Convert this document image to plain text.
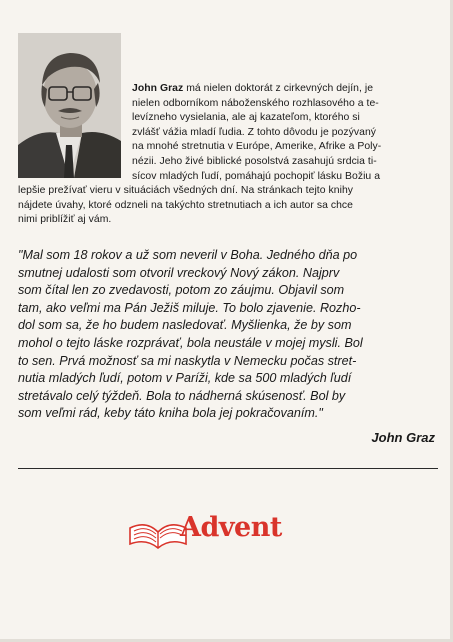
John Graz má nielen doktorát z cirkevných dejín, je
nielen odborníkom náboženského rozhlasového a te-
levízneho vysielania, ale aj kazateľom, ktorého si
zvlášť vážia mladí ľudia. Z tohto dôvodu je pozývaný
na mnohé stretnutia v Európe, Amerike, Afrike a Poly-
nézii. Jeho živé biblické posolstvá zasahujú srdcia ti-
sícov mladých ľudí, pomáhajú pochopiť lásku Božiu a
lepšie prežívať vieru v situáciách všedných dní. Na stránkach tejto knihy
nájdete úvahy, ktoré odzneli na takýchto stretnutiach a ich autor sa chce
nimi priblížiť aj vám.
"Mal som 18 rokov a už som neveril v Boha. Jedného dňa po
smutnej udalosti som otvoril vreckový Nový zákon. Najprv
som čítal len zo zvedavosti, potom zo záujmu. Objavil som
tam, ako veľmi ma Pán Ježiš miluje. To bolo zjavenie. Rozho-
dol som sa, že ho budem nasledovať. Myšlienka, že by som
mohol o tejto láske rozprávať, bola neustále v mojej mysli. Bol
to sen. Prvá možnosť sa mi naskytla v Nemecku počas stret-
nutia mladých ľudí, potom v Paríži, kde sa 500 mladých ľudí
stretávalo celý týždeň. Bola to nádherná skúsenosť. Bol by
som veľmi rád, keby táto kniha bola jej pokračovaním."
John Graz
Advent
